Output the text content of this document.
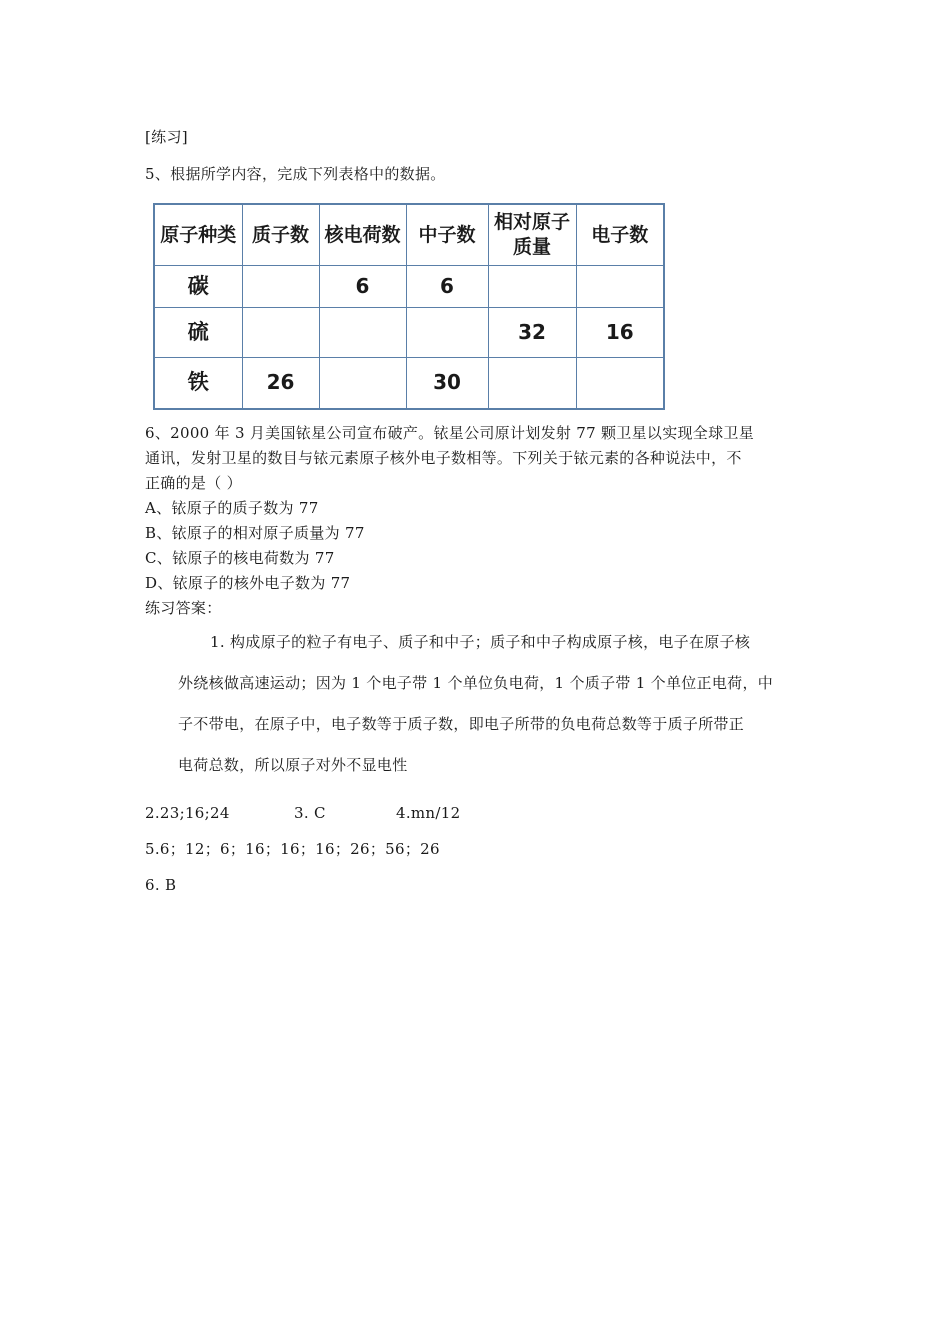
[练习]
5、根据所学内容，完成下列表格中的数据。
原子种类	质子数	核电荷数	中子数	相对原子质量	电子数
碳		6	6		
硫				32	16
铁	26		30		
6、2000 年 3 月美国铱星公司宣布破产。铱星公司原计划发射 77 颗卫星以实现全球卫星
通讯，发射卫星的数目与铱元素原子核外电子数相等。下列关于铱元素的各种说法中，不
正确的是（ ）
A、铱原子的质子数为 77
B、铱原子的相对原子质量为 77
C、铱原子的核电荷数为 77
D、铱原子的核外电子数为 77
练习答案：
1. 构成原子的粒子有电子、质子和中子；质子和中子构成原子核，电子在原子核
外绕核做高速运动；因为 1 个电子带 1 个单位负电荷，1 个质子带 1 个单位正电荷，中
子不带电，在原子中，电子数等于质子数，即电子所带的负电荷总数等于质子所带正
电荷总数，所以原子对外不显电性
2.23;16;24	3. C	4.mn/12
5.6；12；6；16；16；16；26；56；26
6. B
